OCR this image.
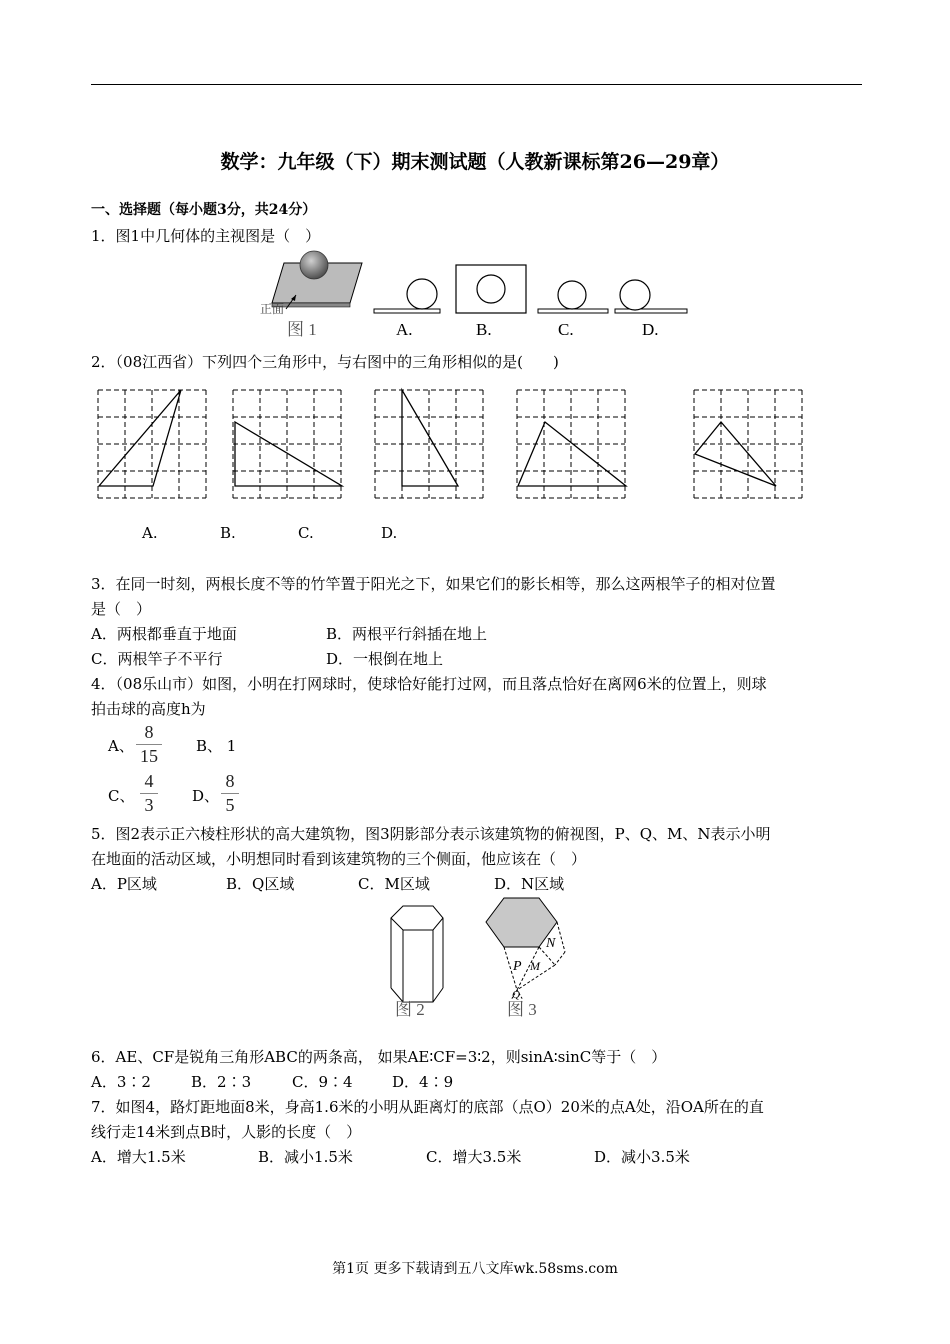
数学：九年级（下）期末测试题（人教新课标第26—29章）
一、选择题（每小题3分，共24分）
1．图1中几何体的主视图是（　）
正面
图 1	A.	B.	C.	D.
2．（08江西省）下列四个三角形中，与右图中的三角形相似的是(　　)
A.	B.	C.	D.
3．在同一时刻，两根长度不等的竹竿置于阳光之下，如果它们的影长相等，那么这两根竿子的相对位置
是（　）
A．两根都垂直于地面	B．两根平行斜插在地上
C．两根竿子不平行	D．一根倒在地上
4．（08乐山市）如图，小明在打网球时，使球恰好能打过网，而且落点恰好在离网6米的位置上，则球
拍击球的高度h为
A、
8
15	B、 1
C、
4
3	D、
8
5
5．图2表示正六棱柱形状的高大建筑物，图3阴影部分表示该建筑物的俯视图，P、Q、M、N表示小明
在地面的活动区域，小明想同时看到该建筑物的三个侧面，他应该在（　）
A．P区域	B．Q区域	C．M区域	D．N区域
图 2
N
P M
Q
图 3
6．AE、CF是锐角三角形ABC的两条高， 如果AE∶CF=3∶2，则sinA∶sinC等于（　）
A．3∶2	B．2∶3	C．9∶4	D．4∶9
7．如图4，路灯距地面8米，身高1.6米的小明从距离灯的底部（点O）20米的点A处，沿OA所在的直
线行走14米到点B时，人影的长度（　）
A．增大1.5米	B．减小1.5米	C．增大3.5米	D．减小3.5米
第1页 更多下载请到五八文库wk.58sms.com
